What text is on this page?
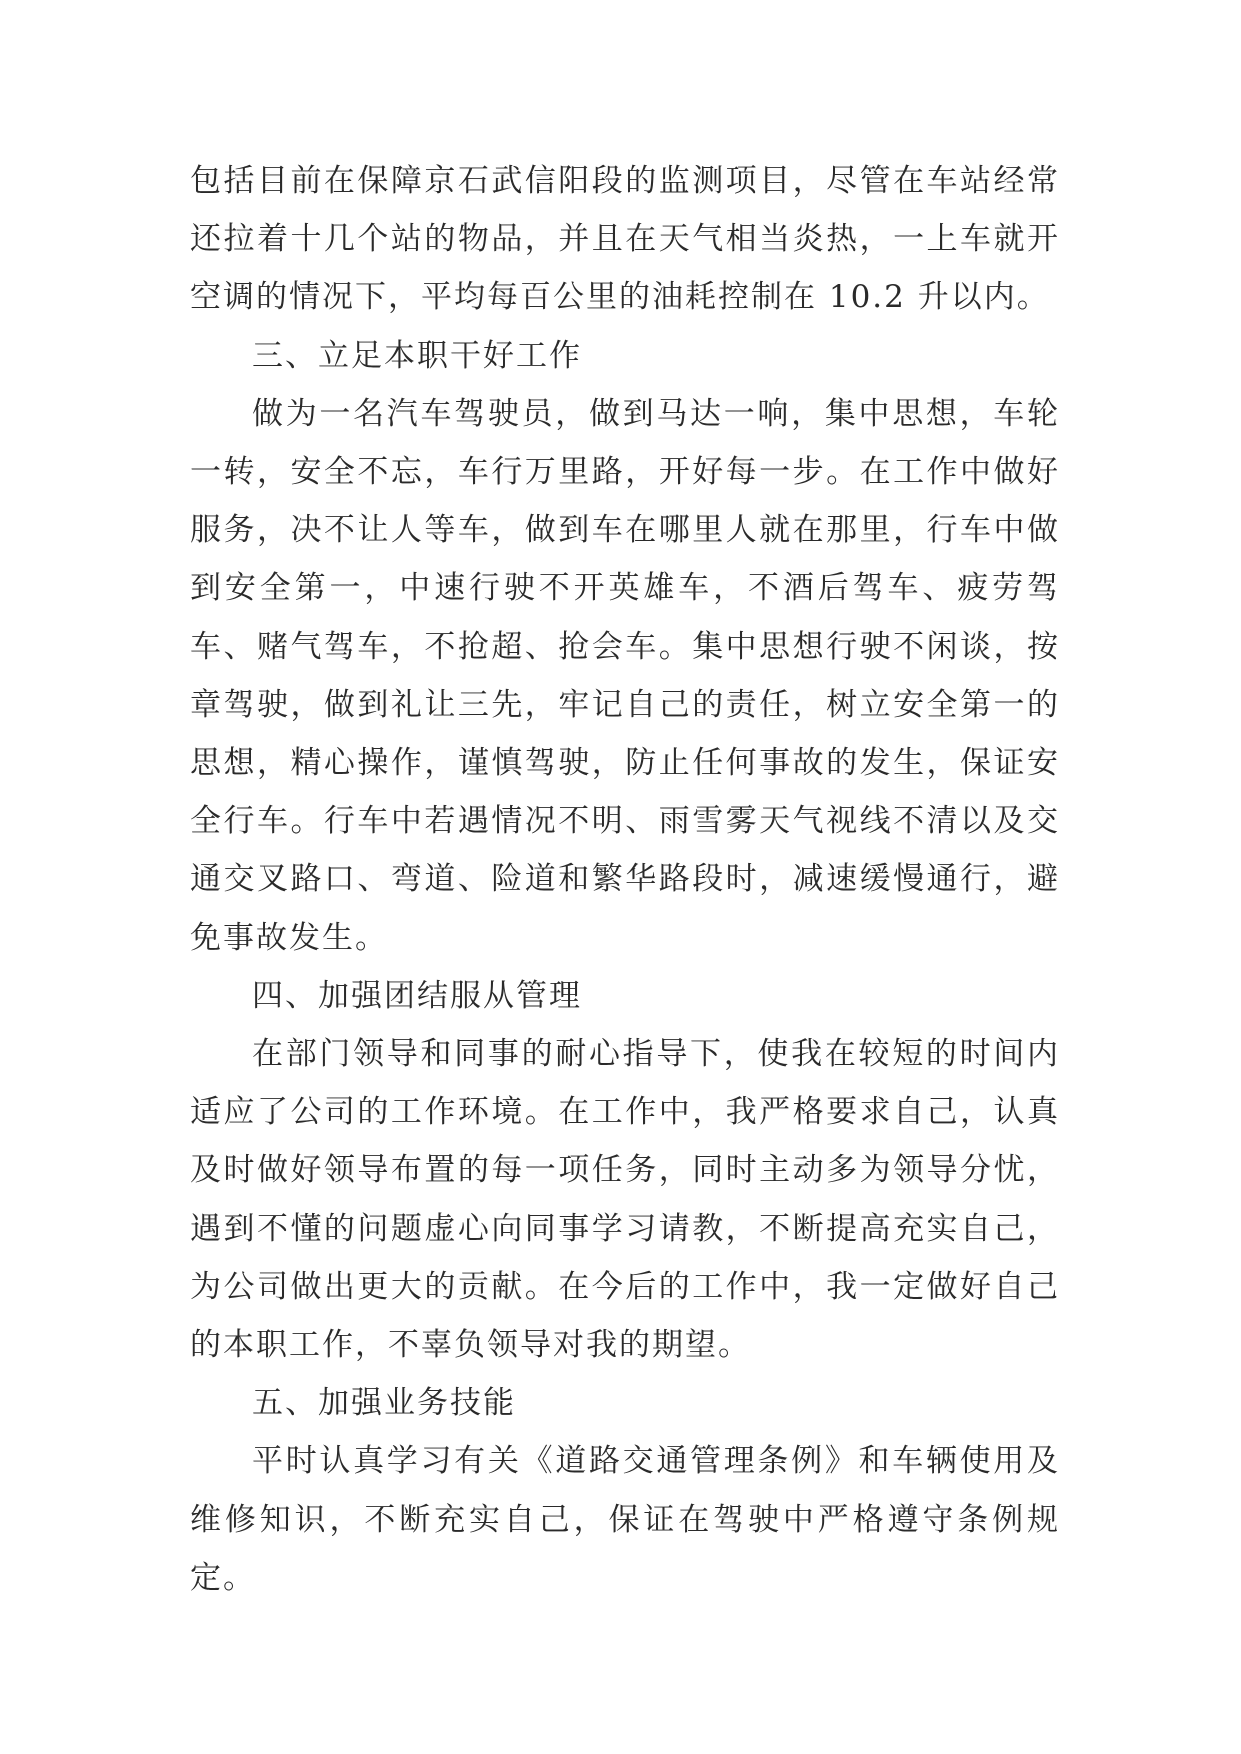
包括目前在保障京石武信阳段的监测项目，尽管在车站经常还拉着十几个站的物品，并且在天气相当炎热，一上车就开空调的情况下，平均每百公里的油耗控制在 10.2 升以内。

三、立足本职干好工作

做为一名汽车驾驶员，做到马达一响，集中思想，车轮一转，安全不忘，车行万里路，开好每一步。在工作中做好服务，决不让人等车，做到车在哪里人就在那里，行车中做到安全第一，中速行驶不开英雄车，不酒后驾车、疲劳驾车、赌气驾车，不抢超、抢会车。集中思想行驶不闲谈，按章驾驶，做到礼让三先，牢记自己的责任，树立安全第一的思想，精心操作，谨慎驾驶，防止任何事故的发生，保证安全行车。行车中若遇情况不明、雨雪雾天气视线不清以及交通交叉路口、弯道、险道和繁华路段时，减速缓慢通行，避免事故发生。

四、加强团结服从管理

在部门领导和同事的耐心指导下，使我在较短的时间内适应了公司的工作环境。在工作中，我严格要求自己，认真及时做好领导布置的每一项任务，同时主动多为领导分忧，遇到不懂的问题虚心向同事学习请教，不断提高充实自己，为公司做出更大的贡献。在今后的工作中，我一定做好自己的本职工作，不辜负领导对我的期望。

五、加强业务技能

平时认真学习有关《道路交通管理条例》和车辆使用及维修知识，不断充实自己，保证在驾驶中严格遵守条例规定。
